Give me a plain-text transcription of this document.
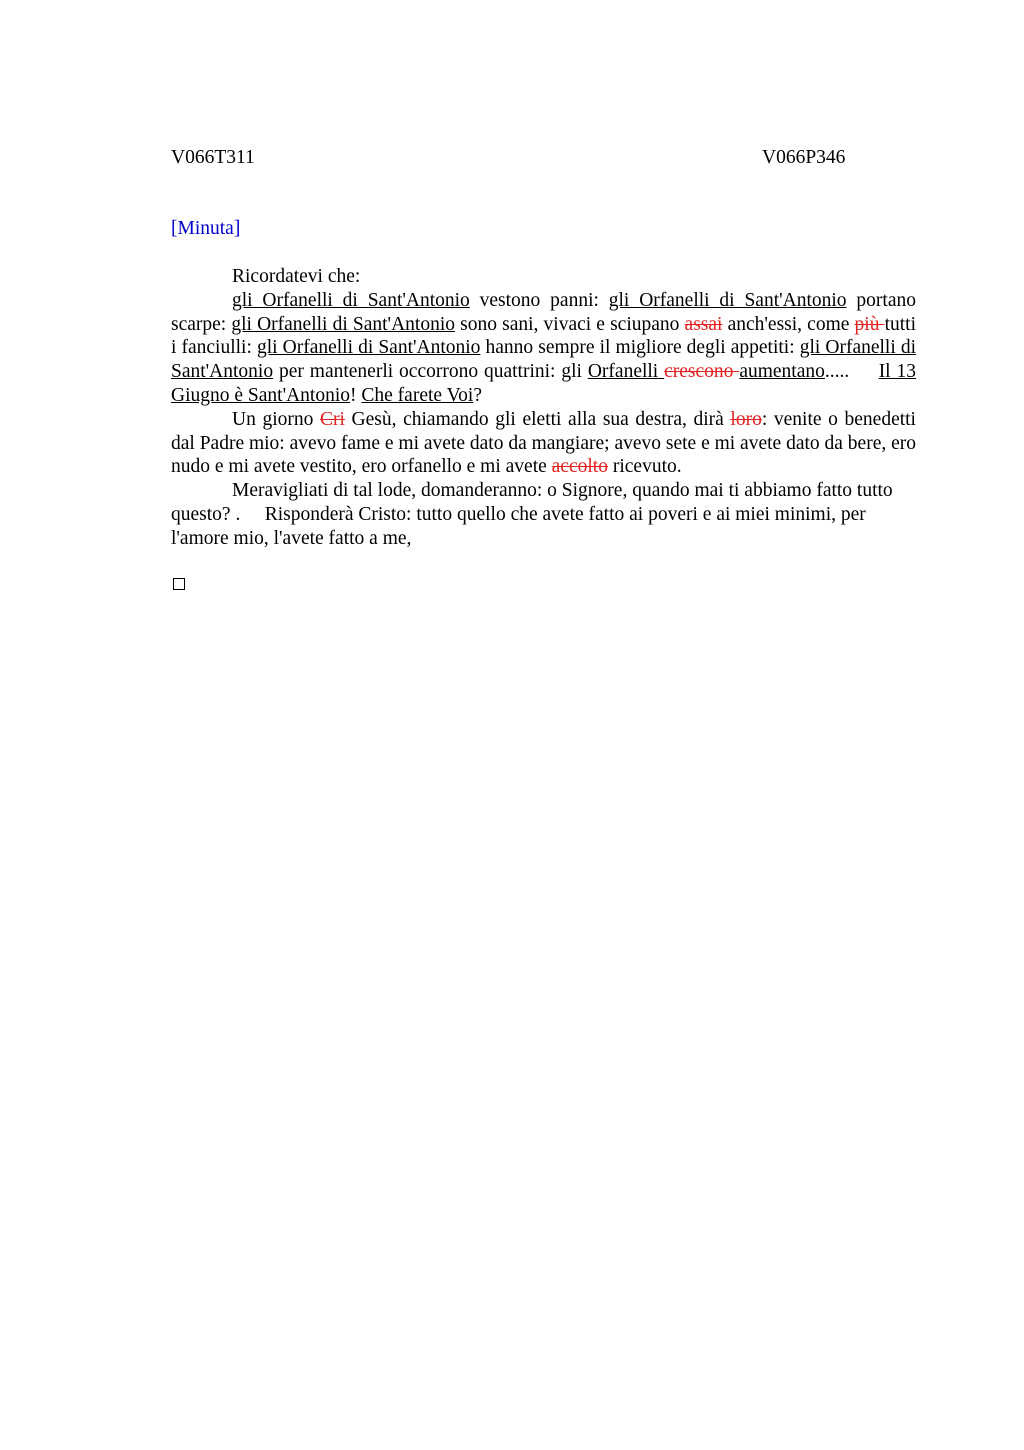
V066T311	V066P346
[Minuta]

Ricordatevi che:

gli Orfanelli di Sant'Antonio vestono panni: gli Orfanelli di Sant'Antonio portano scarpe: gli Orfanelli di Sant'Antonio sono sani, vivaci e sciupano assai anch'essi, come più tutti i fanciulli: gli Orfanelli di Sant'Antonio hanno sempre il migliore degli appetiti: gli Orfanelli di Sant'Antonio per mantenerli occorrono quattrini: gli Orfanelli crescono aumentano.....     Il 13 Giugno è Sant'Antonio! Che farete Voi?

Un giorno Cri Gesù, chiamando gli eletti alla sua destra, dirà loro: venite o benedetti dal Padre mio: avevo fame e mi avete dato da mangiare; avevo sete e mi avete dato da bere, ero nudo e mi avete vestito, ero orfanello e mi avete accolto ricevuto.

Meravigliati di tal lode, domanderanno: o Signore, quando mai ti abbiamo fatto tutto questo? .     Risponderà Cristo: tutto quello che avete fatto ai poveri e ai miei minimi, per l'amore mio, l'avete fatto a me,
